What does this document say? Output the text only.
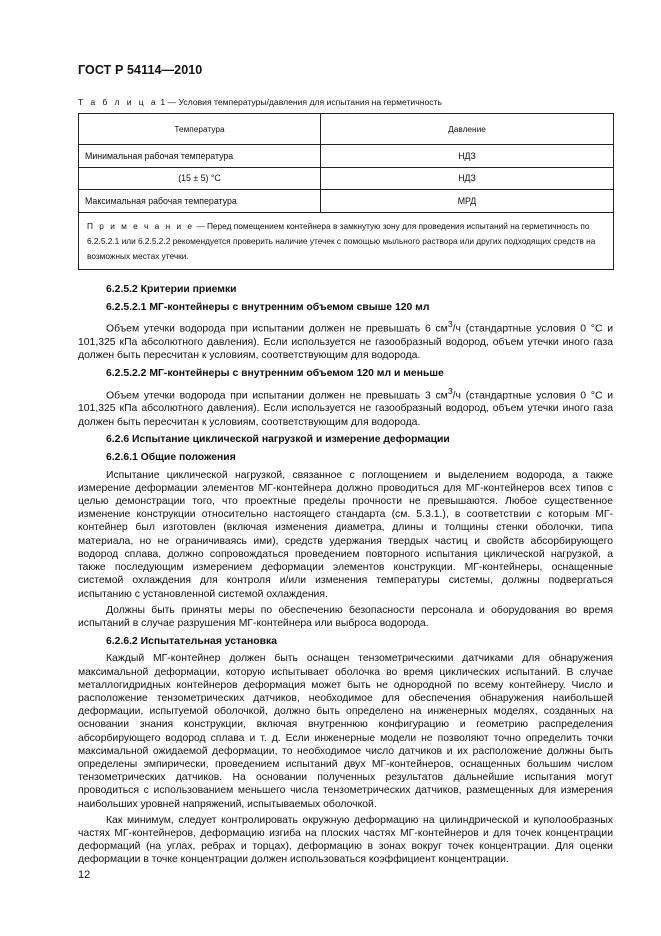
ГОСТ Р 54114—2010
Т а б л и ц а 1 — Условия температуры/давления для испытания на герметичность
Температура	Давление
Минимальная рабочая температура	НДЗ
(15 ± 5) °С	НДЗ
Максимальная рабочая температура	МРД
П р и м е ч а н и е — Перед помещением контейнера в замкнутую зону для проведения испытаний на герметичность по 6.2.5.2.1 или 6.2.5.2.2 рекомендуется проверить наличие утечек с помощью мыльного раствора или других подходящих средств на возможных местах утечки.	

6.2.5.2 Критерии приемки

6.2.5.2.1 МГ-контейнеры с внутренним объемом свыше 120 мл

Объем утечки водорода при испытании должен не превышать 6 $см^3/ч$ (стандартные условия 0 °С и 101,325 кПа абсолютного давления). Если используется не газообразный водород, объем утечки иного газа должен быть пересчитан к условиям, соответствующим для водорода.

6.2.5.2.2 МГ-контейнеры с внутренним объемом 120 мл и меньше

Объем утечки водорода при испытании должен не превышать 3 $см^3/ч$ (стандартные условия 0 °С и 101,325 кПа абсолютного давления). Если используется не газообразный водород, объем утечки иного газа должен быть пересчитан к условиям, соответствующим для водорода.

6.2.6 Испытание циклической нагрузкой и измерение деформации

6.2.6.1 Общие положения

Испытание циклической нагрузкой, связанное с поглощением и выделением водорода, а также измерение деформации элементов МГ-контейнера должно проводиться для МГ-контейнеров всех типов с целью демонстрации того, что проектные пределы прочности не превышаются. Любое существенное изменение конструкции относительно настоящего стандарта (см. 5.3.1.), в соответствии с которым МГ-контейнер был изготовлен (включая изменения диаметра, длины и толщины стенки оболочки, типа материала, но не ограничиваясь ими), средств удержания твердых частиц и свойств абсорбирующего водород сплава, должно сопровождаться проведением повторного испытания циклической нагрузкой, а также последующим измерением деформации элементов конструкции. МГ-контейнеры, оснащенные системой охлаждения для контроля и/или изменения температуры системы, должны подвергаться испытанию с установленной системой охлаждения.

Должны быть приняты меры по обеспечению безопасности персонала и оборудования во время испытаний в случае разрушения МГ-контейнера или выброса водорода.

6.2.6.2 Испытательная установка

Каждый МГ-контейнер должен быть оснащен тензометрическими датчиками для обнаружения максимальной деформации, которую испытывает оболочка во время циклических испытаний. В случае металлогидридных контейнеров деформация может быть не однородной по всему контейнеру. Число и расположение тензометрических датчиков, необходимое для обеспечения обнаружения наибольшей деформации, испытуемой оболочкой, должно быть определено на инженерных моделях, созданных на основании знания конструкции, включая внутреннюю конфигурацию и геометрию распределения абсорбирующего водород сплава и т. д. Если инженерные модели не позволяют точно определить точки максимальной ожидаемой деформации, то необходимое число датчиков и их расположение должны быть определены эмпирически, проведением испытаний двух МГ-контейнеров, оснащенных большим числом тензометрических датчиков. На основании полученных результатов дальнейшие испытания могут проводиться с использованием меньшего числа тензометрических датчиков, размещенных для измерения наибольших уровней напряжений, испытываемых оболочкой.

Как минимум, следует контролировать окружную деформацию на цилиндрической и куполообразных частях МГ-контейнеров, деформацию изгиба на плоских частях МГ-контейнеров и для точек концентрации деформаций (на углах, ребрах и торцах), деформацию в зонах вокруг точек концентрации. Для оценки деформации в точке концентрации должен использоваться коэффициент концентрации.

12
